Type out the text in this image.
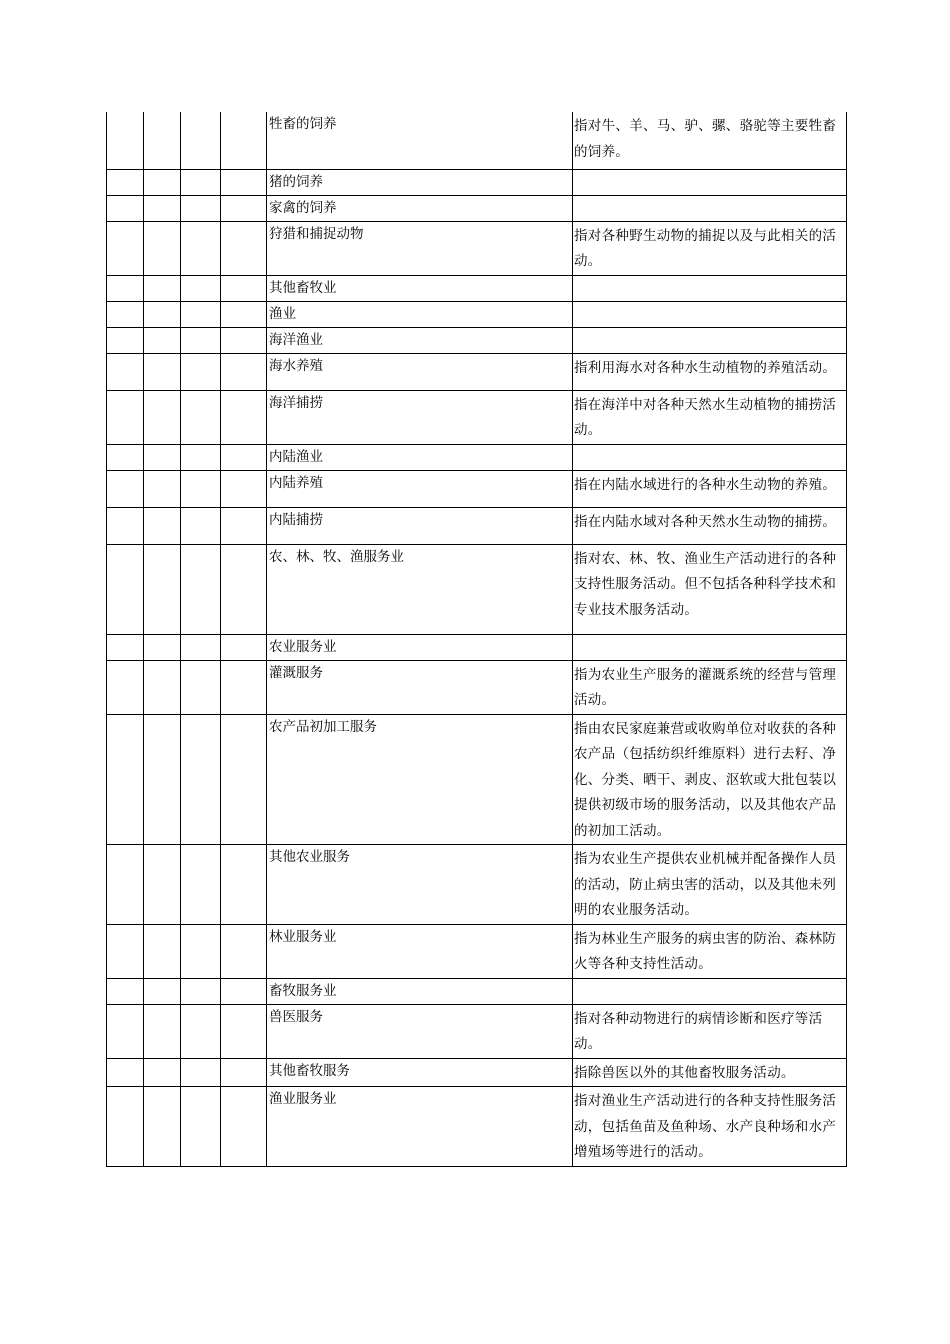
				牲畜的饲养	指对牛、羊、马、驴、骡、骆驼等主要牲畜的饲养。
				猪的饲养	
				家禽的饲养	
				狩猎和捕捉动物	指对各种野生动物的捕捉以及与此相关的活动。
				其他畜牧业	
				渔业	
				海洋渔业	
				海水养殖	指利用海水对各种水生动植物的养殖活动。
				海洋捕捞	指在海洋中对各种天然水生动植物的捕捞活动。
				内陆渔业	
				内陆养殖	指在内陆水域进行的各种水生动物的养殖。
				内陆捕捞	指在内陆水域对各种天然水生动物的捕捞。
				农、林、牧、渔服务业	指对农、林、牧、渔业生产活动进行的各种支持性服务活动。但不包括各种科学技术和专业技术服务活动。
				农业服务业	
				灌溉服务	指为农业生产服务的灌溉系统的经营与管理活动。
				农产品初加工服务	指由农民家庭兼营或收购单位对收获的各种农产品（包括纺织纤维原料）进行去籽、净化、分类、晒干、剥皮、沤软或大批包装以提供初级市场的服务活动，以及其他农产品的初加工活动。
				其他农业服务	指为农业生产提供农业机械并配备操作人员的活动，防止病虫害的活动，以及其他未列明的农业服务活动。
				林业服务业	指为林业生产服务的病虫害的防治、森林防火等各种支持性活动。
				畜牧服务业	
				兽医服务	指对各种动物进行的病情诊断和医疗等活动。
				其他畜牧服务	指除兽医以外的其他畜牧服务活动。
				渔业服务业	指对渔业生产活动进行的各种支持性服务活动，包括鱼苗及鱼种场、水产良种场和水产增殖场等进行的活动。
